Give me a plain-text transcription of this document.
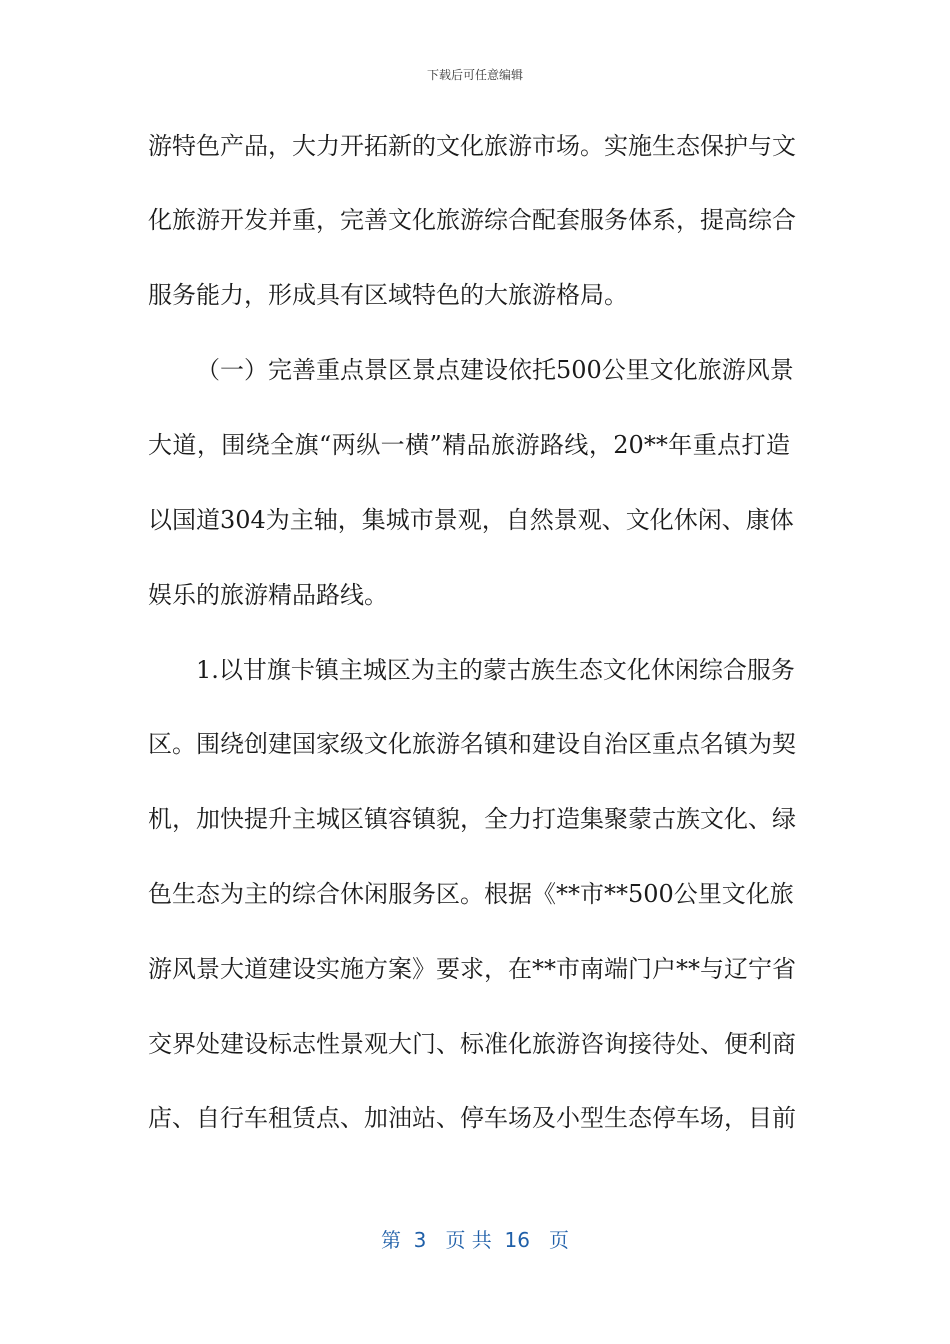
下载后可任意编辑
游特色产品，大力开拓新的文化旅游市场。实施生态保护与文
化旅游开发并重，完善文化旅游综合配套服务体系，提高综合
服务能力，形成具有区域特色的大旅游格局。
（一）完善重点景区景点建设依托500公里文化旅游风景
大道，围绕全旗“两纵一横”精品旅游路线，20**年重点打造
以国道304为主轴，集城市景观，自然景观、文化休闲、康体
娱乐的旅游精品路线。
1.以甘旗卡镇主城区为主的蒙古族生态文化休闲综合服务
区。围绕创建国家级文化旅游名镇和建设自治区重点名镇为契
机，加快提升主城区镇容镇貌，全力打造集聚蒙古族文化、绿
色生态为主的综合休闲服务区。根据《**市**500公里文化旅
游风景大道建设实施方案》要求，在**市南端门户**与辽宁省
交界处建设标志性景观大门、标准化旅游咨询接待处、便利商
店、自行车租赁点、加油站、停车场及小型生态停车场，目前
第  3   页 共  16   页
